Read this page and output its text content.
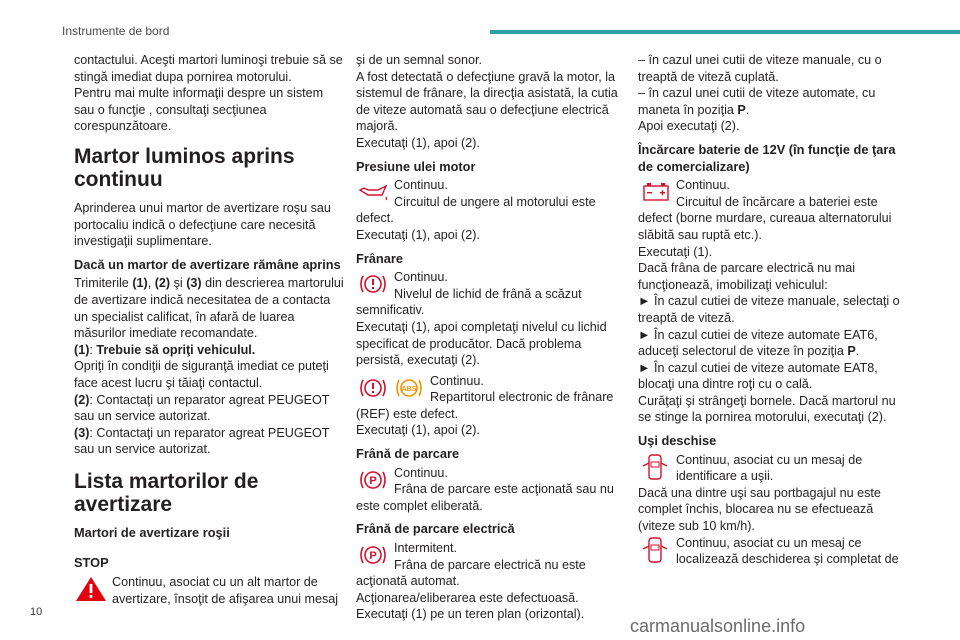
Instrumente de bord

contactului. Aceşti martori luminoşi trebuie să se stingă imediat dupa pornirea motorului.

Pentru mai multe informaţii despre un sistem sau o funcţie , consultaţi secţiunea corespunzătoare.

Martor luminos aprins continuu

Aprinderea unui martor de avertizare roşu sau portocaliu indică o defecţiune care necesită investigaţii suplimentare.

Dacă un martor de avertizare rămâne aprins

Trimiterile (1), (2) şi (3) din descrierea martorului de avertizare indică necesitatea de a contacta un specialist calificat, în afară de luarea măsurilor imediate recomandate.

(1): Trebuie să opriţi vehiculul.

Opriţi în condiţii de siguranţă imediat ce puteţi face acest lucru şi tăiaţi contactul.

(2): Contactaţi un reparator agreat PEUGEOT sau un service autorizat.

(3): Contactaţi un reparator agreat PEUGEOT sau un service autorizat.

Lista martorilor de avertizare
Martori de avertizare roşii
STOP

Continuu, asociat cu un alt martor de avertizare, însoţit de afişarea unui mesaj

şi de un semnal sonor.

A fost detectată o defecţiune gravă la motor, la sistemul de frânare, la direcţia asistată, la cutia de viteze automată sau o defecţiune electrică majoră.

Executaţi (1), apoi (2).

Presiune ulei motor

Continuu.

Circuitul de ungere al motorului este defect.

Executaţi (1), apoi (2).

Frânare

Continuu.

Nivelul de lichid de frână a scăzut semnificativ.

Executaţi (1), apoi completaţi nivelul cu lichid specificat de producător. Dacă problema persistă, executaţi (2).

ABS

Continuu.

Repartitorul electronic de frânare (REF) este defect.

Executaţi (1), apoi (2).

Frână de parcare
P

Continuu.

Frâna de parcare este acţionată sau nu este complet eliberată.

Frână de parcare electrică
P

Intermitent.

Frâna de parcare electrică nu este acţionată automat.

Acţionarea/eliberarea este defectuoasă.

Executaţi (1) pe un teren plan (orizontal).

– în cazul unei cutii de viteze manuale, cu o treaptă de viteză cuplată.

– în cazul unei cutii de viteze automate, cu maneta în poziţia P.

Apoi executaţi (2).

Încărcare baterie de 12V (în funcţie de ţara de comercializare)

Continuu.

Circuitul de încărcare a bateriei este defect (borne murdare, cureaua alternatorului slăbită sau ruptă etc.).

Executaţi (1).

Dacă frâna de parcare electrică nu mai funcţionează, imobilizaţi vehiculul:

► În cazul cutiei de viteze manuale, selectaţi o treaptă de viteză.

► În cazul cutiei de viteze automate EAT6, aduceţi selectorul de viteze în poziţia P.

► În cazul cutiei de viteze automate EAT8, blocaţi una dintre roţi cu o calǎ.

Curăţaţi şi strângeţi bornele. Dacă martorul nu se stinge la pornirea motorului, executaţi (2).

Uşi deschise

Continuu, asociat cu un mesaj de identificare a uşii.

Dacă una dintre uşi sau portbagajul nu este complet închis, blocarea nu se efectuează (viteze sub 10 km/h).

Continuu, asociat cu un mesaj ce localizează deschiderea şi completat de

10
carmanualsonline.info
